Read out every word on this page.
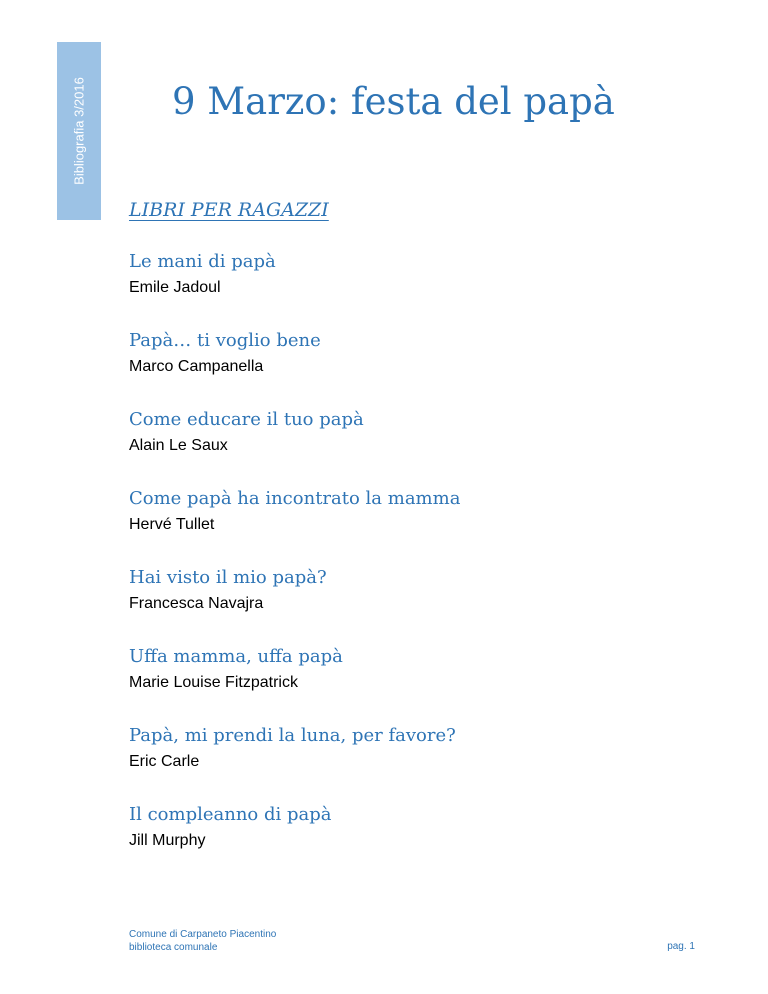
Bibliografia 3/2016 9 Marzo: festa del papà
LIBRI PER RAGAZZI
Le mani di papà
Emile Jadoul
Papà… ti voglio bene
Marco Campanella
Come educare il tuo papà
Alain Le Saux
Come papà ha incontrato la mamma
Hervé Tullet
Hai visto il mio papà?
Francesca Navajra
Uffa mamma, uffa papà
Marie Louise Fitzpatrick
Papà, mi prendi la luna, per favore?
Eric Carle
Il compleanno di papà
Jill Murphy
Comune di Carpaneto Piacentino
biblioteca comunale	pag. 1
